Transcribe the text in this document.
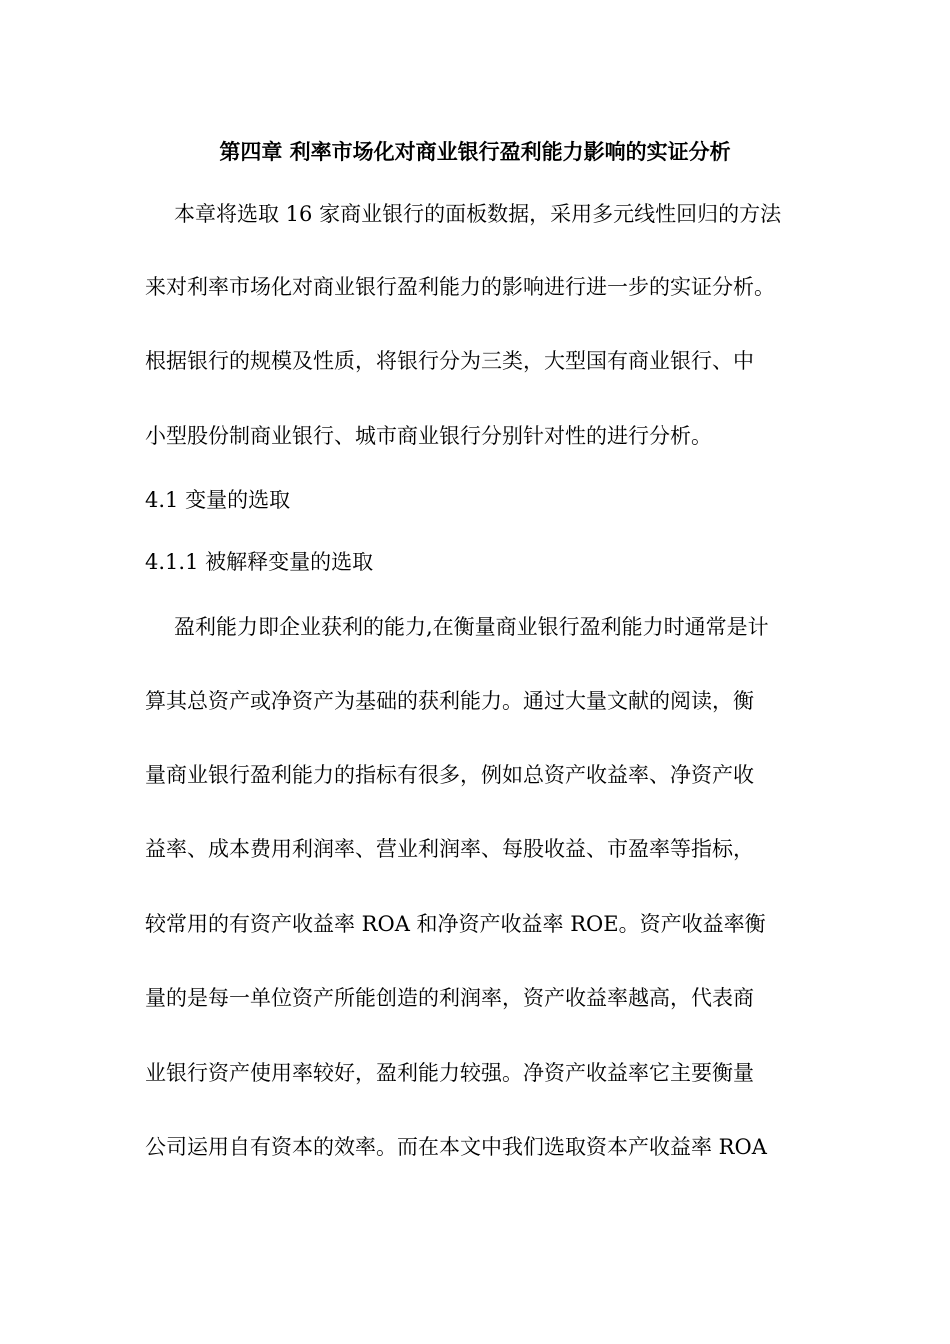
第四章 利率市场化对商业银行盈利能力影响的实证分析
本章将选取 16 家商业银行的面板数据，采用多元线性回归的方法
来对利率市场化对商业银行盈利能力的影响进行进一步的实证分析。
根据银行的规模及性质，将银行分为三类，大型国有商业银行、中
小型股份制商业银行、城市商业银行分别针对性的进行分析。
4.1 变量的选取
4.1.1 被解释变量的选取
盈利能力即企业获利的能力,在衡量商业银行盈利能力时通常是计
算其总资产或净资产为基础的获利能力。通过大量文献的阅读，衡
量商业银行盈利能力的指标有很多，例如总资产收益率、净资产收
益率、成本费用利润率、营业利润率、每股收益、市盈率等指标，
较常用的有资产收益率 ROA 和净资产收益率 ROE。资产收益率衡
量的是每一单位资产所能创造的利润率，资产收益率越高，代表商
业银行资产使用率较好，盈利能力较强。净资产收益率它主要衡量
公司运用自有资本的效率。而在本文中我们选取资本产收益率 ROA
